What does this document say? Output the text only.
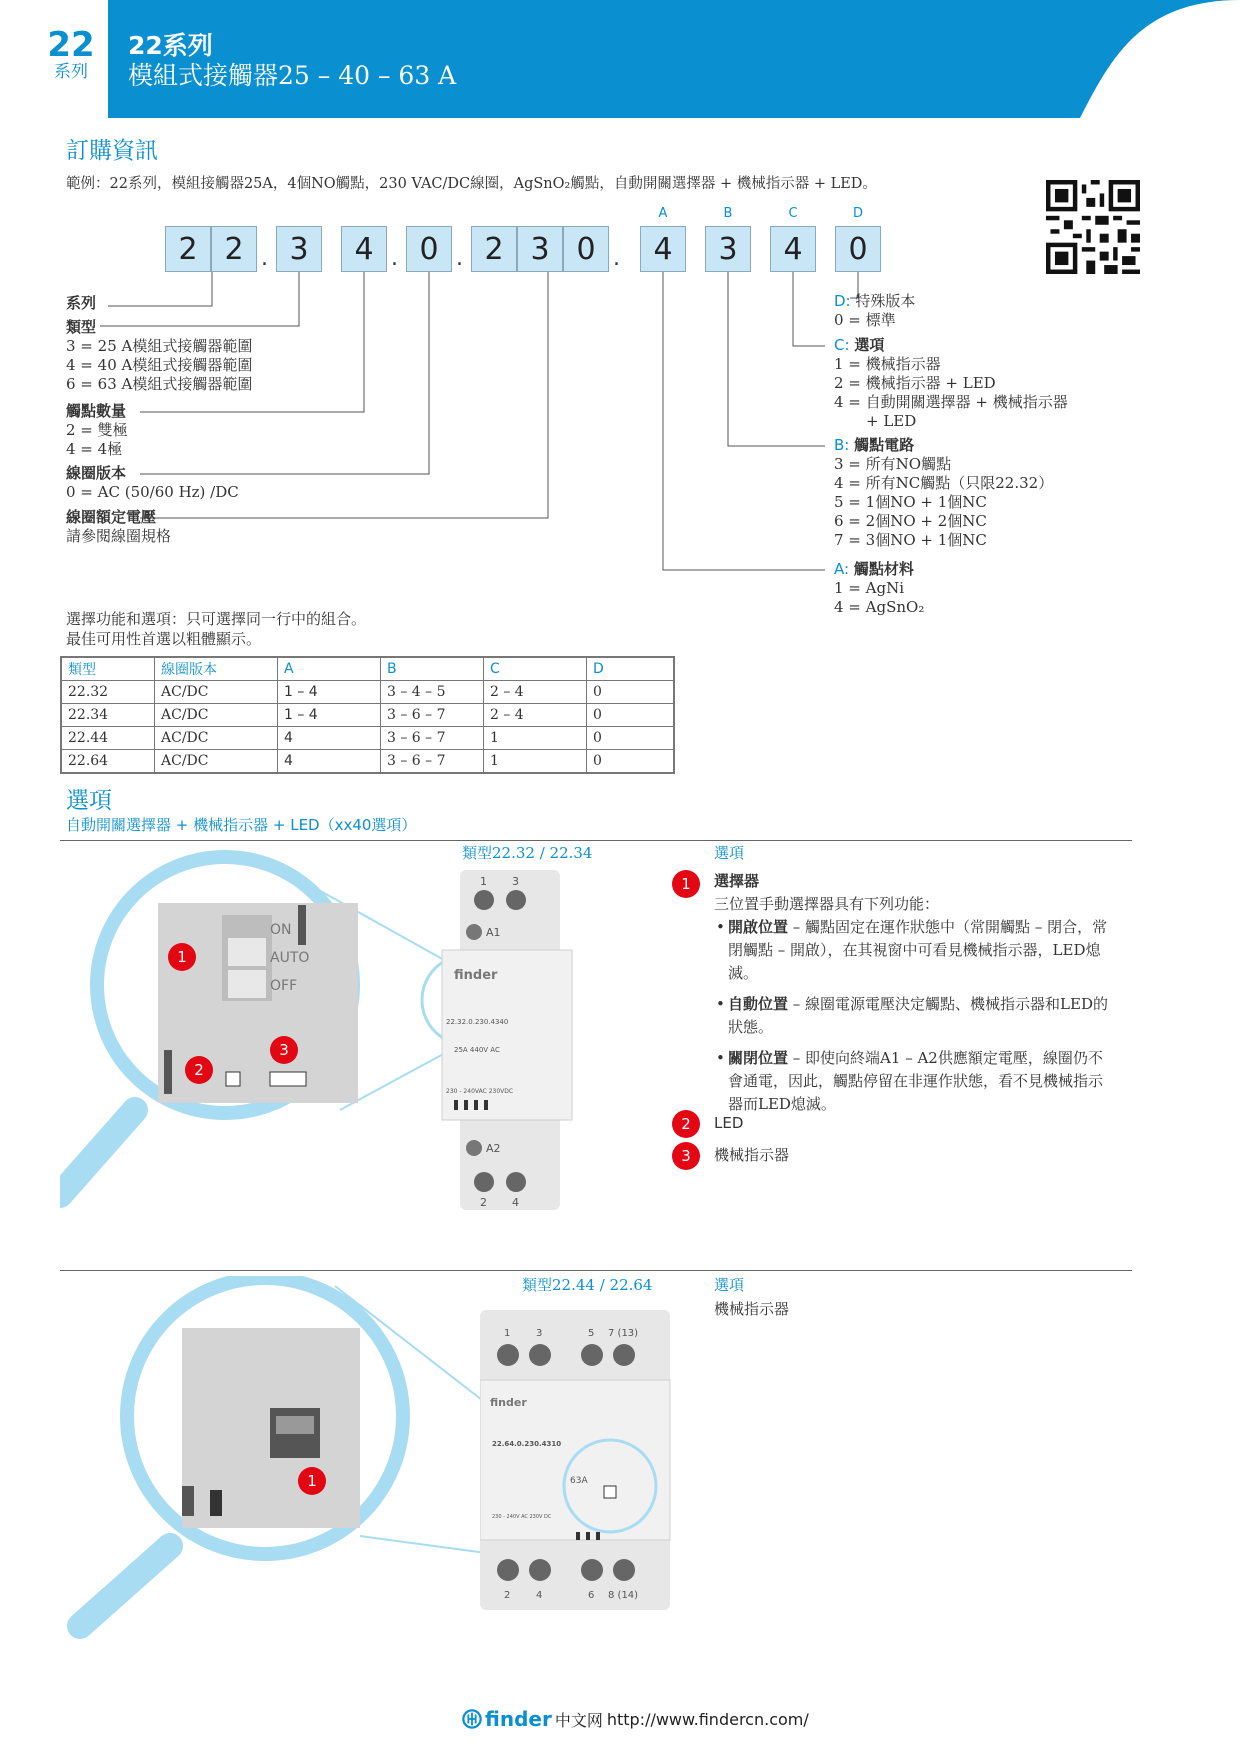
22
系列
22系列
模組式接觸器25 – 40 – 63 A	finder
訂購資訊
範例：22系列，模組接觸器25A，4個NO觸點，230 VAC/DC線圈，AgSnO₂觸點，自動開關選擇器 + 機械指示器 + LED。
A	B	C	D
2 2 . 3	4 . 0 . 2 3 0 .	4	3	4	0
系列
類型
3 = 25 A模組式接觸器範圍
4 = 40 A模組式接觸器範圍
6 = 63 A模組式接觸器範圍
觸點數量
2 = 雙極
4 = 4極
線圈版本
0 = AC (50/60 Hz) /DC
線圈額定電壓
請參閱線圈規格
D: 特殊版本
0 = 標準
C: 選項
1 = 機械指示器
2 = 機械指示器 + LED
4 = 自動開關選擇器 + 機械指示器
+ LED
B: 觸點電路
3 = 所有NO觸點
4 = 所有NC觸點（只限22.32）
5 = 1個NO + 1個NC
6 = 2個NO + 2個NC
7 = 3個NO + 1個NC
A: 觸點材料
1 = AgNi
4 = AgSnO₂
選擇功能和選項：只可選擇同一行中的組合。
最佳可用性首選以粗體顯示。
類型	線圈版本	A	B	C	D
22.32	AC/DC	1 – 4	3 – 4 – 5	2 – 4	0
22.34	AC/DC	1 – 4	3 – 6 – 7	2 – 4	0
22.44	AC/DC	4	3 – 6 – 7	1	0
22.64	AC/DC	4	3 – 6 – 7	1	0
選項
自動開關選擇器 + 機械指示器 + LED（xx40選項）
類型22.32 / 22.34	選項
ON
AUTO
OFF
1
2
3
finder
22.32.0.230.4340
25A 440V AC
230 - 240VAC 230VDC
1 3
A1
A2
2 4
1	選擇器
三位置手動選擇器具有下列功能：
• 開啟位置 – 觸點固定在運作狀態中（常開觸點 – 閉合，常閉觸點 – 開啟），在其視窗中可看見機械指示器，LED熄滅。
• 自動位置 – 線圈電源電壓決定觸點、機械指示器和LED的狀態。
• 關閉位置 – 即使向終端A1 – A2供應額定電壓，線圈仍不會通電，因此，觸點停留在非運作狀態，看不見機械指示器而LED熄滅。
2	LED
3	機械指示器
類型22.44 / 22.64	選項
機械指示器
1
finder
22.64.0.230.4310
63A
230 - 240V AC 230V DC
1	3	5 7 (13)
2	4	6 8 (14)
finder 中文网 http://www.findercn.com/
